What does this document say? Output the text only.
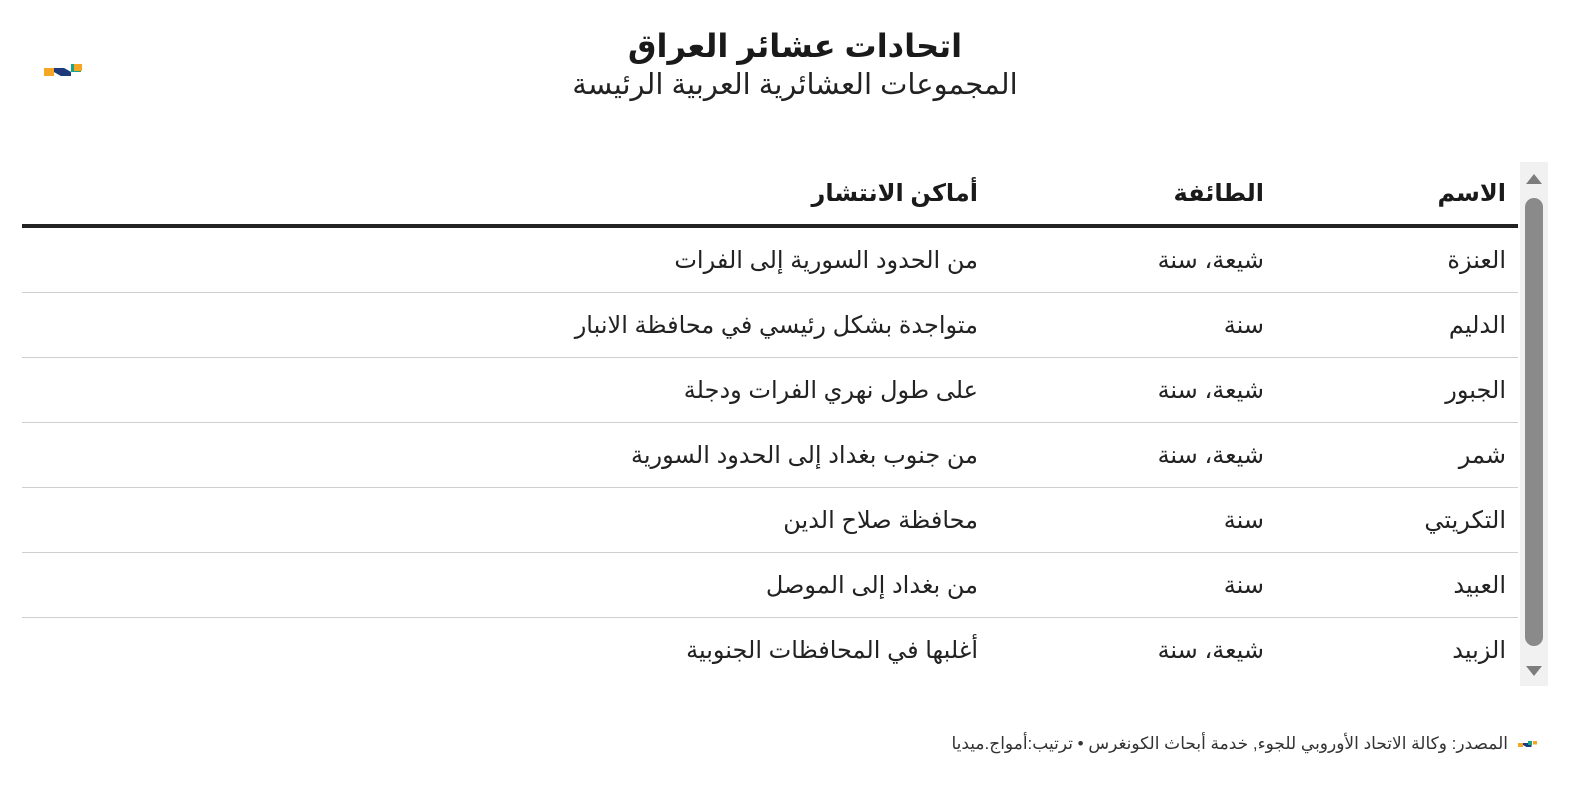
اتحادات عشائر العراق
المجموعات العشائرية العربية الرئيسة
الاسم
الطائفة
أماكن الانتشار
العنزة
شيعة، سنة
من الحدود السورية إلى الفرات
الدليم
سنة
متواجدة بشكل رئيسي في محافظة الانبار
الجبور
شيعة، سنة
على طول نهري الفرات ودجلة
شمر
شيعة، سنة
من جنوب بغداد إلى الحدود السورية
التكريتي
سنة
محافظة صلاح الدين
العبيد
سنة
من بغداد إلى الموصل
الزبيد
شيعة، سنة
أغلبها في المحافظات الجنوبية
المصدر: وكالة الاتحاد الأوروبي للجوء, خدمة أبحاث الكونغرس • ترتيب:أمواج.ميديا
